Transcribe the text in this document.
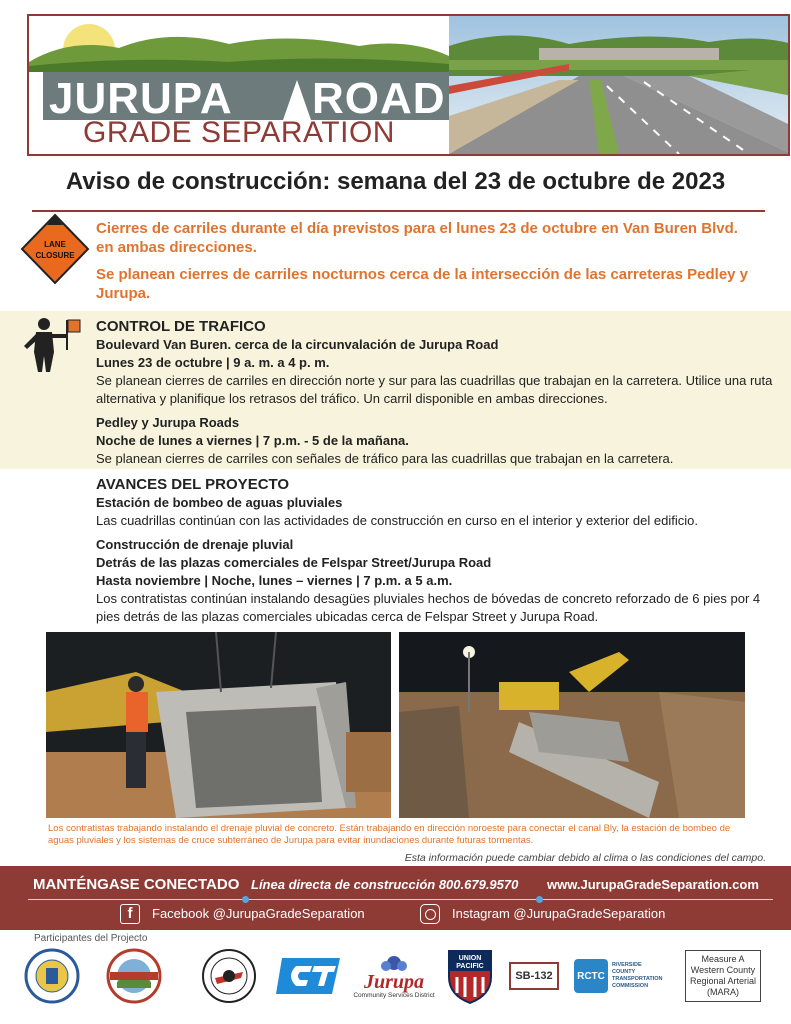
JURUPA ROAD
GRADE SEPARATION
Aviso de construcción: semana del 23 de octubre de 2023
LANE
CLOSURE

Cierres de carriles durante el día previstos para el lunes 23 de octubre en Van Buren Blvd. en ambas direcciones.

Se planean cierres de carriles nocturnos cerca de la intersección de las carreteras Pedley y Jurupa.

CONTROL DE TRAFICO
Boulevard Van Buren. cerca de la circunvalación de Jurupa Road
Lunes 23 de octubre | 9 a. m. a 4 p. m.
Se planean cierres de carriles en dirección norte y sur para las cuadrillas que trabajan en la carretera. Utilice una ruta alternativa y planifique los retrasos del tráfico. Un carril disponible en ambas direcciones.
Pedley y Jurupa Roads
Noche de lunes a viernes | 7 p.m. - 5 de la mañana.
Se planean cierres de carriles con señales de tráfico para las cuadrillas que trabajan en la carretera.
AVANCES DEL PROYECTO
Estación de bombeo de aguas pluviales
Las cuadrillas continúan con las actividades de construcción en curso en el interior y exterior del edificio.
Construcción de drenaje pluvial
Detrás de las plazas comerciales de Felspar Street/Jurupa Road
Hasta noviembre | Noche, lunes – viernes | 7 p.m. a 5 a.m.
Los contratistas continúan instalando desagües pluviales hechos de bóvedas de concreto reforzado de 6 pies por 4 pies detrás de las plazas comerciales ubicadas cerca de Felspar Street y Jurupa Road.
Los contratistas trabajando instalando el drenaje pluvial de concreto. Están trabajando en dirección noroeste para conectar el canal Bly, la estación de bombeo de aguas pluviales y los sistemas de cruce subterráneo de Jurupa para evitar inundaciones durante futuras tormentas.
Esta información puede cambiar debido al clima o las condiciones del campo.
MANTÉNGASE CONECTADO Línea directa de construcción 800.679.9570 www.JurupaGradeSeparation.com
f	Facebook @JurupaGradeSeparation	Instagram @JurupaGradeSeparation
Participantes del Projecto
Jurupa
Community Services District
UNION
PACIFIC
SB-132	RCTC
RIVERSIDE
COUNTY
TRANSPORTATION
COMMISSION
Measure A
Western County
Regional Arterial
(MARA)
